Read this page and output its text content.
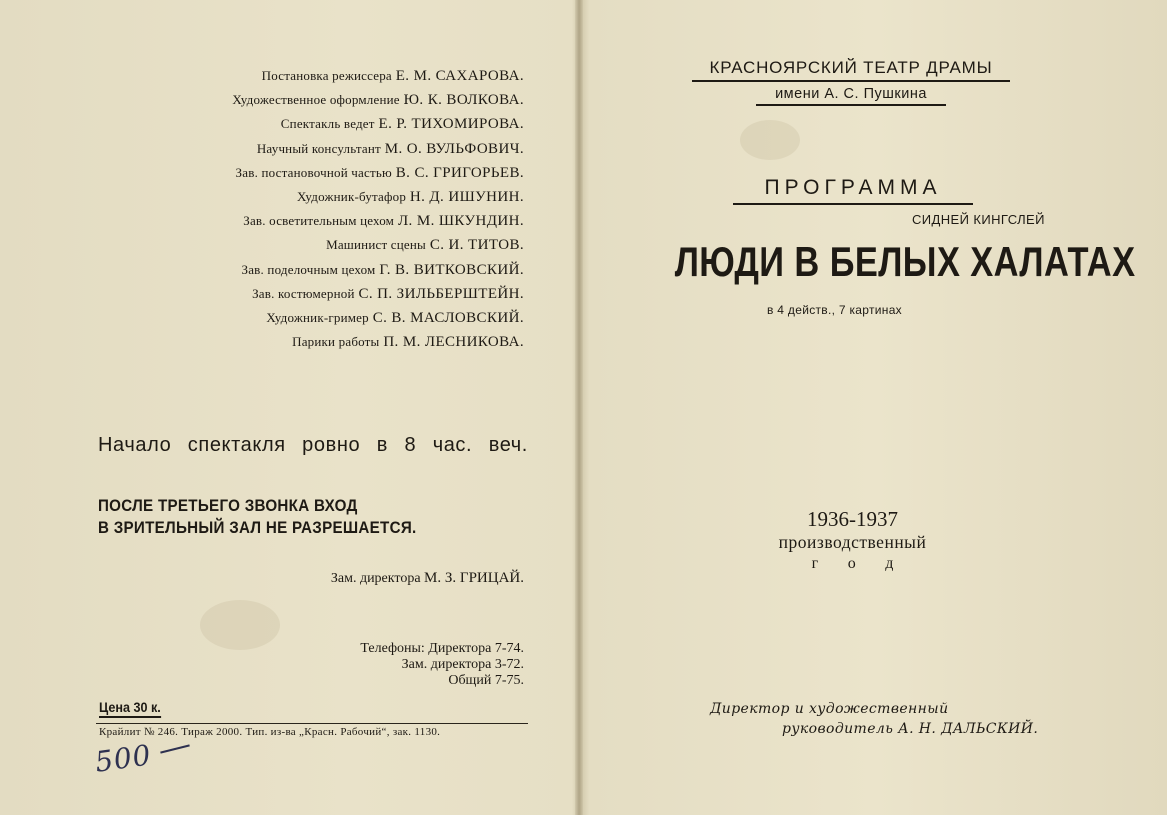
Постановка режиссера Е. М. САХАРОВА.
Художественное оформление Ю. К. ВОЛКОВА.
Спектакль ведет Е. Р. ТИХОМИРОВА.
Научный консультант М. О. ВУЛЬФОВИЧ.
Зав. постановочной частью В. С. ГРИГОРЬЕВ.
Художник-бутафор Н. Д. ИШУНИН.
Зав. осветительным цехом Л. М. ШКУНДИН.
Машинист сцены С. И. ТИТОВ.
Зав. поделочным цехом Г. В. ВИТКОВСКИЙ.
Зав. костюмерной С. П. ЗИЛЬБЕРШТЕЙН.
Художник-гример С. В. МАСЛОВСКИЙ.
Парики работы П. М. ЛЕСНИКОВА.
Начало спектакля ровно в 8 час. веч.
ПОСЛЕ ТРЕТЬЕГО ЗВОНКА ВХОД
В ЗРИТЕЛЬНЫЙ ЗАЛ НЕ РАЗРЕШАЕТСЯ.
Зам. директора М. З. ГРИЦАЙ.
Телефоны: Директора 7-74.
Зам. директора 3-72.
Общий 7-75.
Цена 30 к.
Крайлит № 246. Тираж 2000. Тип. из-ва „Красн. Рабочий“, зак. 1130.
500
КРАСНОЯРСКИЙ ТЕАТР ДРАМЫ
имени А. С. Пушкина
ПРОГРАММА
СИДНЕЙ КИНГСЛЕЙ
ЛЮДИ В БЕЛЫХ ХАЛАТАХ
в 4 действ., 7 картинах
1936-1937
производственный
год
Директор и художественный
руководитель А. Н. ДАЛЬСКИЙ.
